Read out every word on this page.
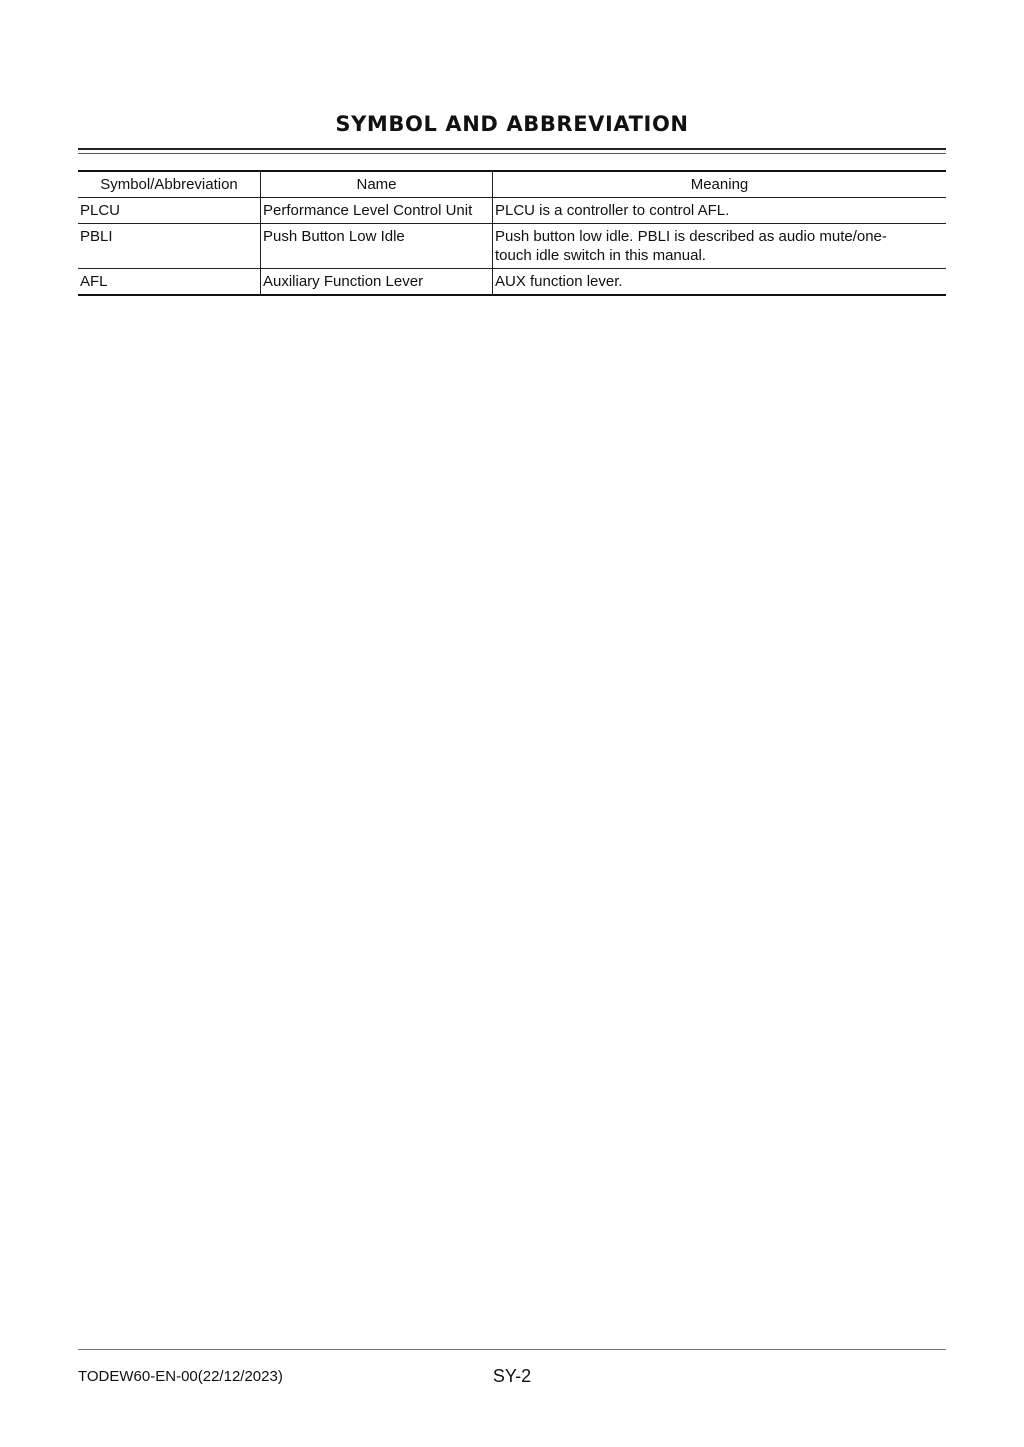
SYMBOL AND ABBREVIATION
Symbol/Abbreviation	Name	Meaning
PLCU	Performance Level Control Unit	PLCU is a controller to control AFL.
PBLI	Push Button Low Idle	Push button low idle. PBLI is described as audio mute/one-
touch idle switch in this manual.
AFL	Auxiliary Function Lever	AUX function lever.
TODEW60-EN-00(22/12/2023)	SY-2
